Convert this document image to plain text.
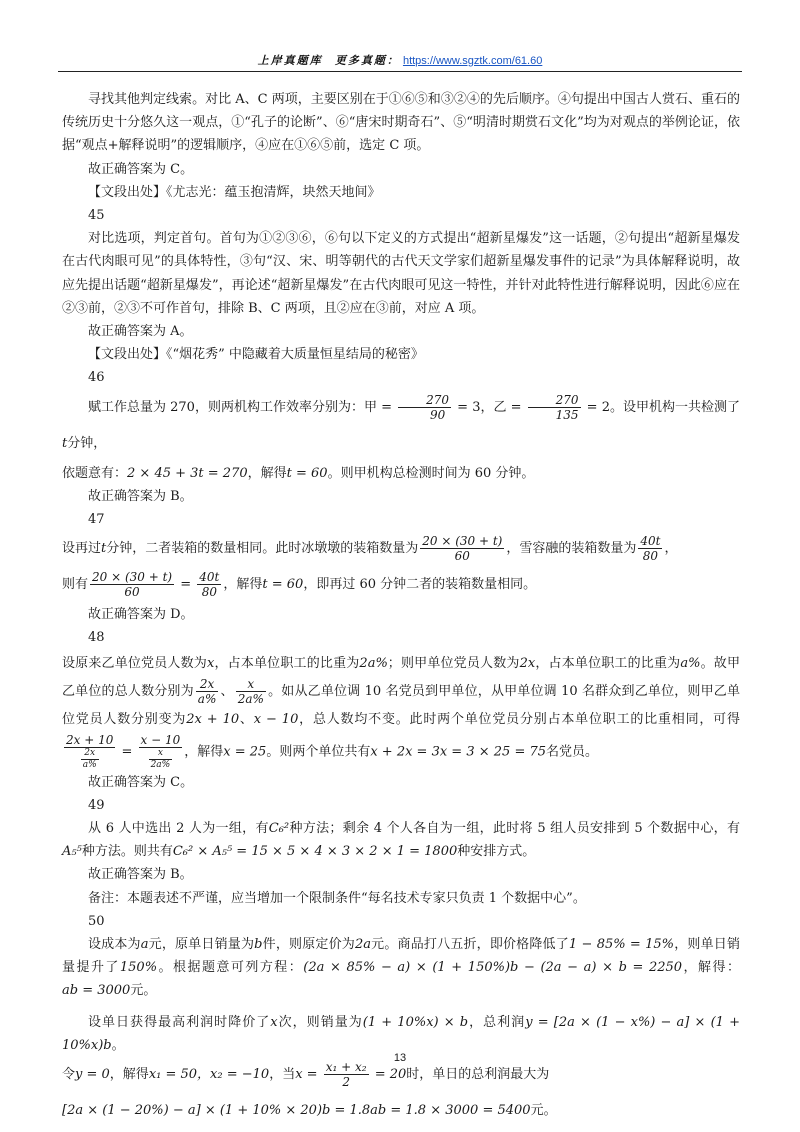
上岸真题库 更多真题： https://www.sgztk.com/61.60

寻找其他判定线索。对比 A、C 两项，主要区别在于①⑥⑤和③②④的先后顺序。④句提出中国古人赏石、重石的传统历史十分悠久这一观点，①“孔子的论断”、⑥“唐宋时期奇石”、⑤“明清时期赏石文化”均为对观点的举例论证，依据“观点+解释说明”的逻辑顺序，④应在①⑥⑤前，选定 C 项。

故正确答案为 C。

【文段出处】《尤志光：蕴玉抱清辉，块然天地间》

45

对比选项，判定首句。首句为①②③⑥，⑥句以下定义的方式提出“超新星爆发”这一话题，②句提出“超新星爆发在古代肉眼可见”的具体特性，③句“汉、宋、明等朝代的古代天文学家们超新星爆发事件的记录”为具体解释说明，故应先提出话题“超新星爆发”，再论述“超新星爆发”在古代肉眼可见这一特性，并针对此特性进行解释说明，因此⑥应在②③前，②③不可作首句，排除 B、C 两项，且②应在③前，对应 A 项。

故正确答案为 A。

【文段出处】《“烟花秀” 中隐藏着大质量恒星结局的秘密》

46

赋工作总量为 270，则两机构工作效率分别为：甲 = $\frac{270}{90} = 3$，乙 = $\frac{270}{135} = 2$。设甲机构一共检测了t分钟，

依题意有：2 × 45 + 3t = 270，解得t = 60。则甲机构总检测时间为 60 分钟。

故正确答案为 B。

47

设再过t分钟，二者装箱的数量相同。此时冰墩墩的装箱数量为 $\frac{20 \times (30 + t)}{60}$ ，雪容融的装箱数量为 $\frac{40t}{80}$ ，

则有 $\frac{20 \times (30 + t)}{60} = \frac{40t}{80}$ ，解得t = 60，即再过 60 分钟二者的装箱数量相同。

故正确答案为 D。

48

设原来乙单位党员人数为x，占本单位职工的比重为2a%；则甲单位党员人数为2x，占本单位职工的比重为a%。故甲乙单位的总人数分别为 $\frac{2x}{a\%}$ 、 $\frac{x}{2a\%}$ 。如从乙单位调 10 名党员到甲单位，从甲单位调 10 名群众到乙单位，则甲乙单位党员人数分别变为2x + 10、x − 10，总人数均不变。此时两个单位党员分别占本单位职工的比重相同，可得
$\frac{2x + 10}{\frac{2x}{a\%}} = \frac{x - 10}{\frac{x}{2a\%}}$ ，解得x = 25。则两个单位共有x + 2x = 3x = 3 × 25 = 75名党员。

故正确答案为 C。

49

从 6 人中选出 2 人为一组，有C₆²种方法；剩余 4 个人各自为一组，此时将 5 组人员安排到 5 个数据中心，有A₅⁵种方法。则共有C₆² × A₅⁵ = 15 × 5 × 4 × 3 × 2 × 1 = 1800种安排方式。

故正确答案为 B。

备注：本题表述不严谨，应当增加一个限制条件“每名技术专家只负责 1 个数据中心”。

50

设成本为a元，原单日销量为b件，则原定价为2a元。商品打八五折，即价格降低了1 − 85% = 15%，则单日销量提升了150%。根据题意可列方程：(2a × 85% − a) × (1 + 150%)b − (2a − a) × b = 2250，解得：ab = 3000元。

设单日获得最高利润时降价了x次，则销量为(1 + 10%x) × b，总利润y = [2a × (1 − x%) − a] × (1 + 10%x)b。

令y = 0，解得x₁ = 50，x₂ = −10，当$x = \frac{\text{x₁ + x₂}}{2} = 20$时，单日的总利润最大为

[2a × (1 − 20%) − a] × (1 + 10% × 20)b = 1.8ab = 1.8 × 3000 = 5400元。

13
